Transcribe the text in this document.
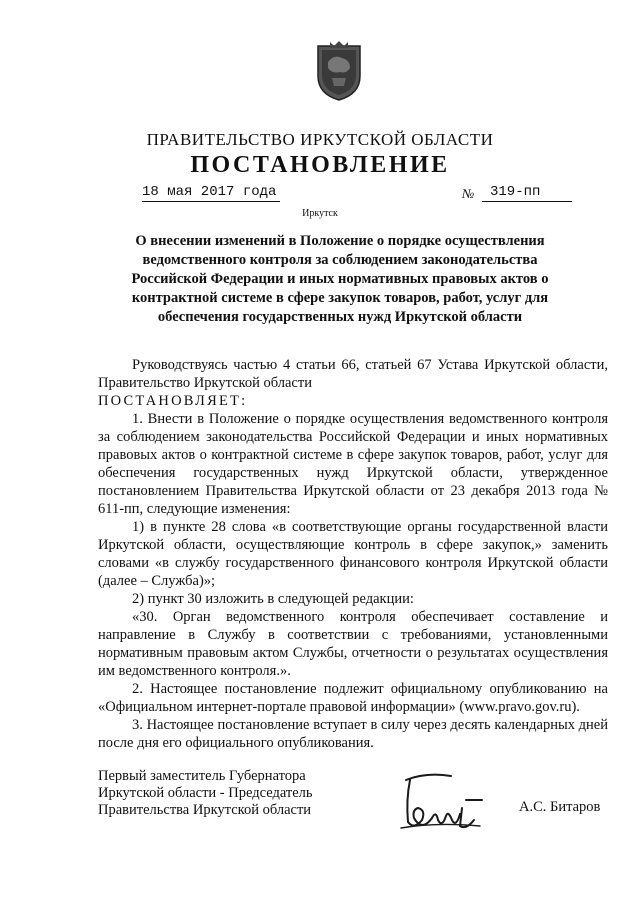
ПРАВИТЕЛЬСТВО ИРКУТСКОЙ ОБЛАСТИ
ПОСТАНОВЛЕНИЕ
18 мая 2017 года	№	319-пп
Иркутск
О внесении изменений в Положение о порядке осуществления ведомственного контроля за соблюдением законодательства Российской Федерации и иных нормативных правовых актов о контрактной системе в сфере закупок товаров, работ, услуг для обеспечения государственных нужд Иркутской области

Руководствуясь частью 4 статьи 66, статьей 67 Устава Иркутской области, Правительство Иркутской области

ПОСТАНОВЛЯЕТ:

1. Внести в Положение о порядке осуществления ведомственного контроля за соблюдением законодательства Российской Федерации и иных нормативных правовых актов о контрактной системе в сфере закупок товаров, работ, услуг для обеспечения государственных нужд Иркутской области, утвержденное постановлением Правительства Иркутской области от 23 декабря 2013 года № 611-пп, следующие изменения:

1) в пункте 28 слова «в соответствующие органы государственной власти Иркутской области, осуществляющие контроль в сфере закупок,» заменить словами «в службу государственного финансового контроля Иркутской области (далее – Служба)»;

2) пункт 30 изложить в следующей редакции:

«30. Орган ведомственного контроля обеспечивает составление и направление в Службу в соответствии с требованиями, установленными нормативным правовым актом Службы, отчетности о результатах осуществления им ведомственного контроля.».

2. Настоящее постановление подлежит официальному опубликованию на «Официальном интернет-портале правовой информации» (www.pravo.gov.ru).

3. Настоящее постановление вступает в силу через десять календарных дней после дня его официального опубликования.

Первый заместитель Губернатора
Иркутской области - Председатель
Правительства Иркутской области	А.С. Битаров
